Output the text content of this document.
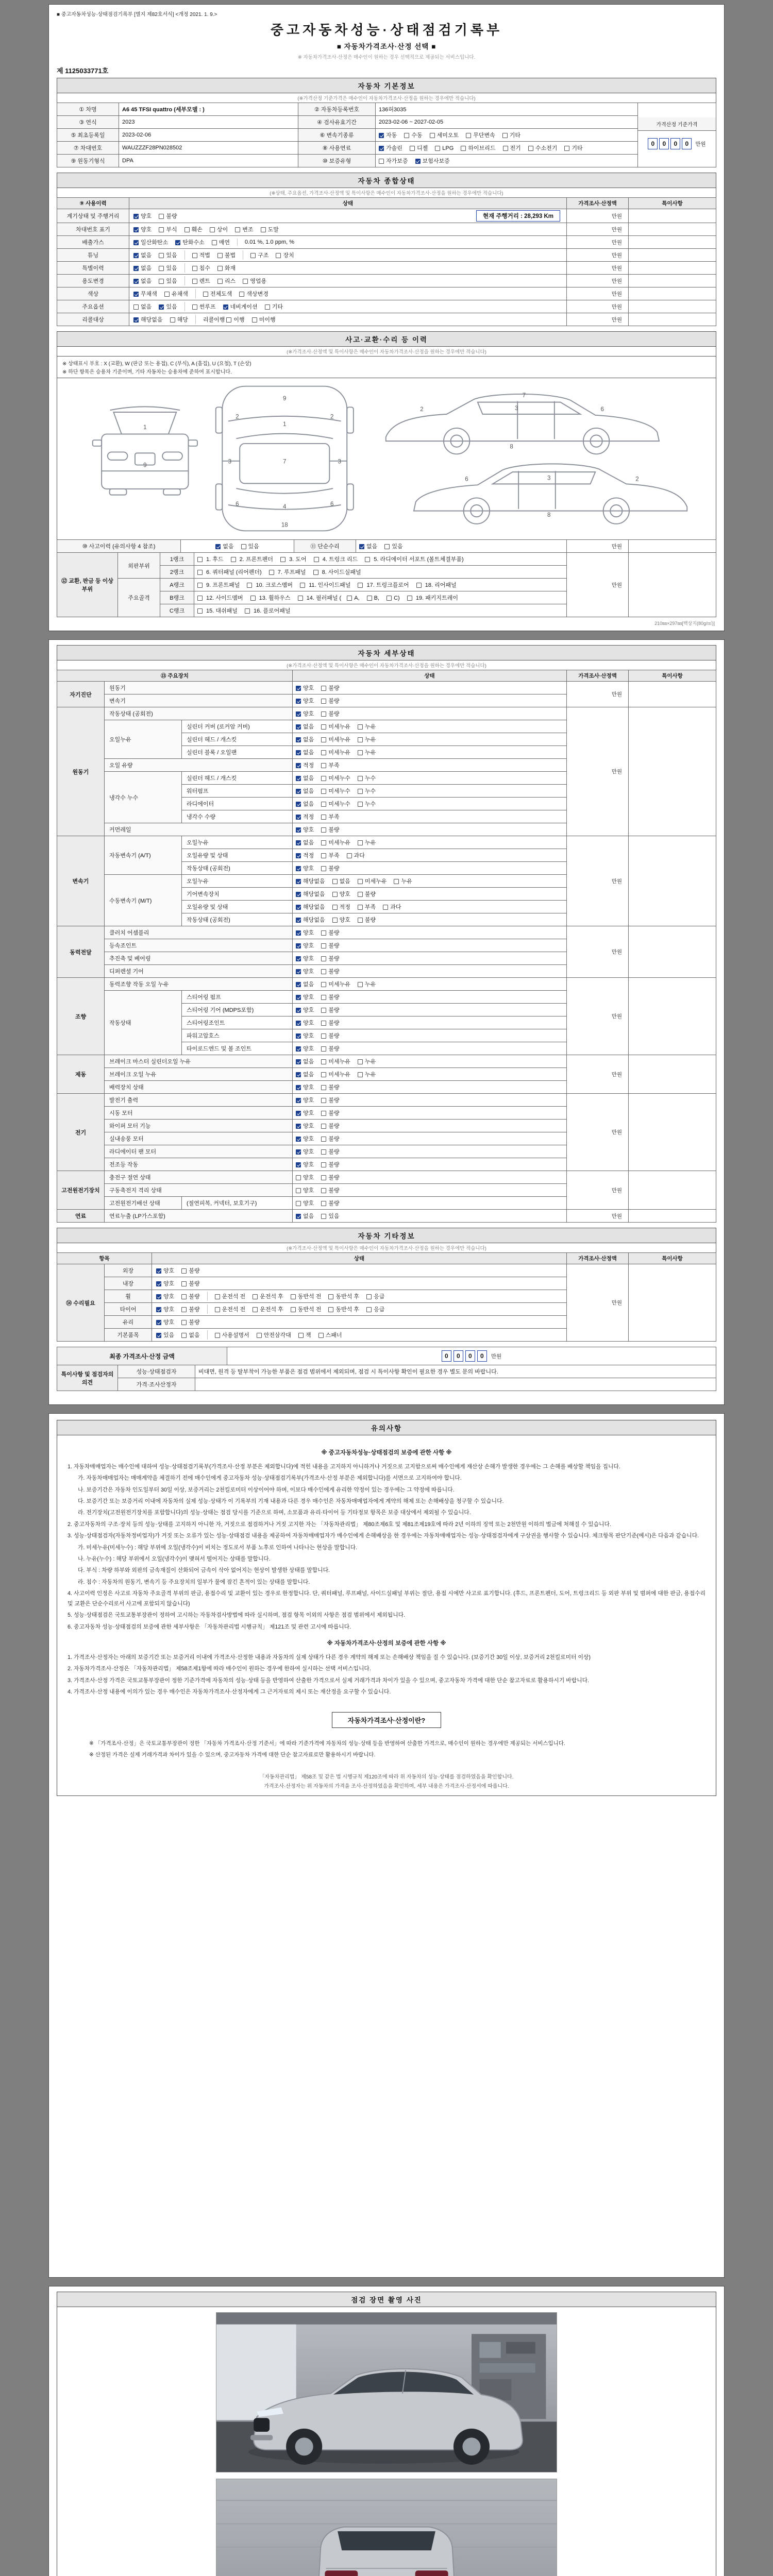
■ 중고자동차성능·상태점검기록부 [별지 제82호서식] <개정 2021. 1. 9.>
중고자동차성능·상태점검기록부
■ 자동차가격조사·산정 선택 ■
※ 자동차가격조사·산정은 매수인이 원하는 경우 선택적으로 제공되는 서비스입니다.
제 1125033771호
자동차 기본정보
(※가격산정 기준가격은 매수인이 자동차가격조사·산정을 원하는 경우에만 적습니다)
① 차명	A6 45 TFSI quattro (세부모델 : )	② 자동차등록번호	136허3035	
가격산정 기준가격
0	0	0	0	만원

③ 연식	2023	④ 검사유효기간	2023-02-06 ~ 2027-02-05	
⑤ 최초등록일	2023-02-06	⑥ 변속기종류	자동 수동 세미오토 무단변속 기타	
⑦ 차대번호	WAUZZZF28PN028502	⑧ 사용연료	가솔린 디젤 LPG 하이브리드 전기 수소전기 기타	
⑨ 원동기형식	DPA	⑩ 보증유형	자가보증 보험사보증	
자동차 종합상태
(※상태, 주요옵션, 가격조사·산정액 및 특이사항은 매수인이 자동차가격조사·산정을 원하는 경우에만 적습니다)
⑨ 사용이력	상태	가격조사·산정액	특이사항
계기상태 및 주행거리	양호 불량 현재 주행거리 : 28,293 Km	만원	
차대번호 표기	양호 부식 훼손 상이 변조 도말	만원	
배출가스	일산화탄소 탄화수소 매연 0.01 %, 1.0 ppm, %	만원	
튜닝	없음 있음 적법 불법 구조 장치	만원	
특별이력	없음 있음 침수 화재	만원	
용도변경	없음 있음 렌트 리스 영업용	만원	
색상	무채색 유채색 전체도색 색상변경	만원	
주요옵션	없음 있음 썬루프 네비게이션 기타	만원	
리콜대상	해당없음 해당 리콜이행 이행 미이행	만원	
사고·교환·수리 등 이력
(※가격조사·산정액 및 특이사항은 매수인이 자동차가격조사·산정을 원하는 경우에만 적습니다)
※ 상태표시 부호 : X (교환), W (판금 또는 용접), C (부식), A (흠집), U (요철), T (손상)
※ 하단 항목은 승용차 기준이며, 기타 자동차는 승용차에 준하여 표시합니다.
1
9
9
1
2	2
3	3
7
6	6
4
18
7
2	3	6
8
6	3	2
8
⑩ 사고이력 (유의사항 4 참조)	없음 있음	⑪ 단순수리	없음 있음	만원	
⑫ 교환, 판금 등 이상 부위	외판부위	1랭크	1. 후드  2. 프론트펜더  3. 도어  4. 트렁크 리드  5. 라디에이터 서포트 (볼트체결부품)	만원	
		2랭크	6. 쿼터패널 (리어펜더)  7. 루프패널  8. 사이드실패널		
	주요골격	A랭크	9. 프론트패널  10. 크로스멤버  11. 인사이드패널  17. 트렁크플로어  18. 리어패널		
		B랭크	12. 사이드멤버  13. 휠하우스  14. 필러패널 ( A, B, C)  19. 패키지트레이		
		C랭크	15. 대쉬패널  16. 플로어패널		
210㎜×297㎜[백상지(80g/㎡)]
자동차 세부상태
(※가격조사·산정액 및 특이사항은 매수인이 자동차가격조사·산정을 원하는 경우에만 적습니다)
⑬ 주요장치			상태	가격조사·산정액	특이사항
자기진단	원동기		양호 불량	만원	
	변속기		양호 불량		
원동기	작동상태 (공회전)		양호 불량	만원	
	오일누유	실린더 커버 (로커암 커버)	없음 미세누유 누유		
		실린더 헤드 / 개스킷	없음 미세누유 누유		
		실린더 블록 / 오일팬	없음 미세누유 누유		
	오일 유량		적정 부족		
	냉각수 누수	실린더 헤드 / 개스킷	없음 미세누수 누수		
		워터펌프	없음 미세누수 누수		
		라디에이터	없음 미세누수 누수		
		냉각수 수량	적정 부족		
	커먼레일		양호 불량		
변속기	자동변속기 (A/T)	오일누유	없음 미세누유 누유	만원	
		오일유량 및 상태	적정 부족 과다		
		작동상태 (공회전)	양호 불량		
	수동변속기 (M/T)	오일누유	해당없음 없음 미세누유 누유		
		기어변속장치	해당없음 양호 불량		
		오일유량 및 상태	해당없음 적정 부족 과다		
		작동상태 (공회전)	해당없음 양호 불량		
동력전달	클러치 어셈블리		양호 불량	만원	
	등속조인트		양호 불량		
	추진축 및 베어링		양호 불량		
	디퍼렌셜 기어		양호 불량		
조향	동력조향 작동 오일 누유		없음 미세누유 누유	만원	
	작동상태	스티어링 펌프	양호 불량		
		스티어링 기어 (MDPS포함)	양호 불량		
		스티어링조인트	양호 불량		
		파워고압호스	양호 불량		
		타이로드엔드 및 볼 조인트	양호 불량		
제동	브레이크 마스터 실린더오일 누유		없음 미세누유 누유	만원	
	브레이크 오일 누유		없음 미세누유 누유		
	배력장치 상태		양호 불량		
전기	발전기 출력		양호 불량	만원	
	시동 모터		양호 불량		
	와이퍼 모터 기능		양호 불량		
	실내송풍 모터		양호 불량		
	라디에이터 팬 모터		양호 불량		
	전조등 작동		양호 불량		
고전원전기장치	충전구 절연 상태		양호 불량	만원	
	구동축전지 격리 상태		양호 불량		
	고전원전기배선 상태	(절연피복, 커넥터, 보호기구)	양호 불량		
연료	연료누출 (LP가스포함)		없음 있음	만원	
자동차 기타정보
(※가격조사·산정액 및 특이사항은 매수인이 자동차가격조사·산정을 원하는 경우에만 적습니다)
항목		상태	가격조사·산정액	특이사항
⑭ 수리필요	외장	양호 불량	만원	
	내장	양호 불량		

	휠	양호 불량 운전석 전 운전석 후 동반석 전 동반석 후 응급		

	타이어	양호 불량 운전석 전 운전석 후 동반석 전 동반석 후 응급		

	유리	양호 불량		

	기본품목	있음 없음 사용설명서 안전삼각대 잭 스패너		
최종 가격조사·산정 금액	0	0	0	0	만원
특이사항 및 점검자의 의견	성능·상태점검자	비대면, 원격 등 탈부착이 가능한 부품은 점검 범위에서 제외되며, 점검 시 특이사항 확인이 필요한 경우 별도 문의 바랍니다.
	가격·조사산정자	
유의사항
※ 중고자동차성능·상태점검의 보증에 관한 사항 ※
1. 자동차매매업자는 매수인에 대하여 성능·상태점검기록부(가격조사·산정 부분은 제외합니다)에 적힌 내용을 고지하지 아니하거나 거짓으로 고지함으로써 매수인에게 재산상 손해가 발생한 경우에는 그 손해를 배상할 책임을 집니다.
가. 자동차매매업자는 매매계약을 체결하기 전에 매수인에게 중고자동차 성능·상태점검기록부(가격조사·산정 부분은 제외합니다)를 서면으로 고지하여야 합니다.
나. 보증기간은 자동차 인도일부터 30일 이상, 보증거리는 2천킬로미터 이상이어야 하며, 이보다 매수인에게 유리한 약정이 있는 경우에는 그 약정에 따릅니다.
다. 보증기간 또는 보증거리 이내에 자동차의 실제 성능·상태가 이 기록부의 기재 내용과 다른 경우 매수인은 자동차매매업자에게 계약의 해제 또는 손해배상을 청구할 수 있습니다.
라. 전기장치(고전원전기장치를 포함합니다)의 성능·상태는 점검 당시를 기준으로 하며, 소모품과 유리·타이어 등 기타정보 항목은 보증 대상에서 제외될 수 있습니다.
2. 중고자동차의 구조·장치 등의 성능·상태를 고지하지 아니한 자, 거짓으로 점검하거나 거짓 고지한 자는 「자동차관리법」 제80조제6호 및 제81조제19호에 따라 2년 이하의 징역 또는 2천만원 이하의 벌금에 처해질 수 있습니다.
3. 성능·상태점검자(자동차정비업자)가 거짓 또는 오류가 있는 성능·상태점검 내용을 제공하여 자동차매매업자가 매수인에게 손해배상을 한 경우에는 자동차매매업자는 성능·상태점검자에게 구상권을 행사할 수 있습니다. 체크항목 판단기준(예시)은 다음과 같습니다.
가. 미세누유(미세누수) : 해당 부위에 오일(냉각수)이 비치는 정도로서 부품 노후로 인하여 나타나는 현상을 말합니다.
나. 누유(누수) : 해당 부위에서 오일(냉각수)이 맺혀서 떨어지는 상태를 말합니다.
다. 부식 : 차량 하부와 외판의 금속재질이 산화되어 금속이 삭아 없어지는 현상이 발생한 상태를 말합니다.
라. 침수 : 자동차의 원동기, 변속기 등 주요장치의 일부가 물에 잠긴 흔적이 있는 상태를 말합니다.
4. 사고이력 인정은 사고로 자동차 주요골격 부위의 판금, 용접수리 및 교환이 있는 경우로 한정합니다. 단, 쿼터패널, 루프패널, 사이드실패널 부위는 절단, 용접 시에만 사고로 표기합니다. (후드, 프론트펜더, 도어, 트렁크리드 등 외판 부위 및 범퍼에 대한 판금, 용접수리 및 교환은 단순수리로서 사고에 포함되지 않습니다)
5. 성능·상태점검은 국토교통부장관이 정하여 고시하는 자동차검사방법에 따라 실시하며, 점검 항목 이외의 사항은 점검 범위에서 제외됩니다.
6. 중고자동차 성능·상태점검의 보증에 관한 세부사항은 「자동차관리법 시행규칙」 제121조 및 관련 고시에 따릅니다.
※ 자동차가격조사·산정의 보증에 관한 사항 ※
1. 가격조사·산정자는 아래의 보증기간 또는 보증거리 이내에 가격조사·산정한 내용과 자동차의 실제 상태가 다른 경우 계약의 해제 또는 손해배상 책임을 질 수 있습니다. (보증기간 30일 이상, 보증거리 2천킬로미터 이상)
2. 자동차가격조사·산정은 「자동차관리법」 제58조제1항에 따라 매수인이 원하는 경우에 한하여 실시하는 선택 서비스입니다.
3. 가격조사·산정 가격은 국토교통부장관이 정한 기준가격에 자동차의 성능·상태 등을 반영하여 산출한 가격으로서 실제 거래가격과 차이가 있을 수 있으며, 중고자동차 가격에 대한 단순 참고자료로 활용하시기 바랍니다.
4. 가격조사·산정 내용에 이의가 있는 경우 매수인은 자동차가격조사·산정자에게 그 근거자료의 제시 또는 재산정을 요구할 수 있습니다.
자동차가격조사·산정이란?
※ 「가격조사·산정」은 국토교통부장관이 정한 「자동차 가격조사·산정 기준서」에 따라 기준가격에 자동차의 성능·상태 등을 반영하여 산출한 가격으로, 매수인이 원하는 경우에만 제공되는 서비스입니다.
※ 산정된 가격은 실제 거래가격과 차이가 있을 수 있으며, 중고자동차 가격에 대한 단순 참고자료로만 활용하시기 바랍니다.
「자동차관리법」 제58조 및 같은 법 시행규칙 제120조에 따라 위 자동차의 성능·상태를 점검하였음을 확인합니다.
가격조사·산정자는 위 자동차의 가격을 조사·산정하였음을 확인하며, 세부 내용은 가격조사·산정서에 따릅니다.
점검 장면 촬영 사진
